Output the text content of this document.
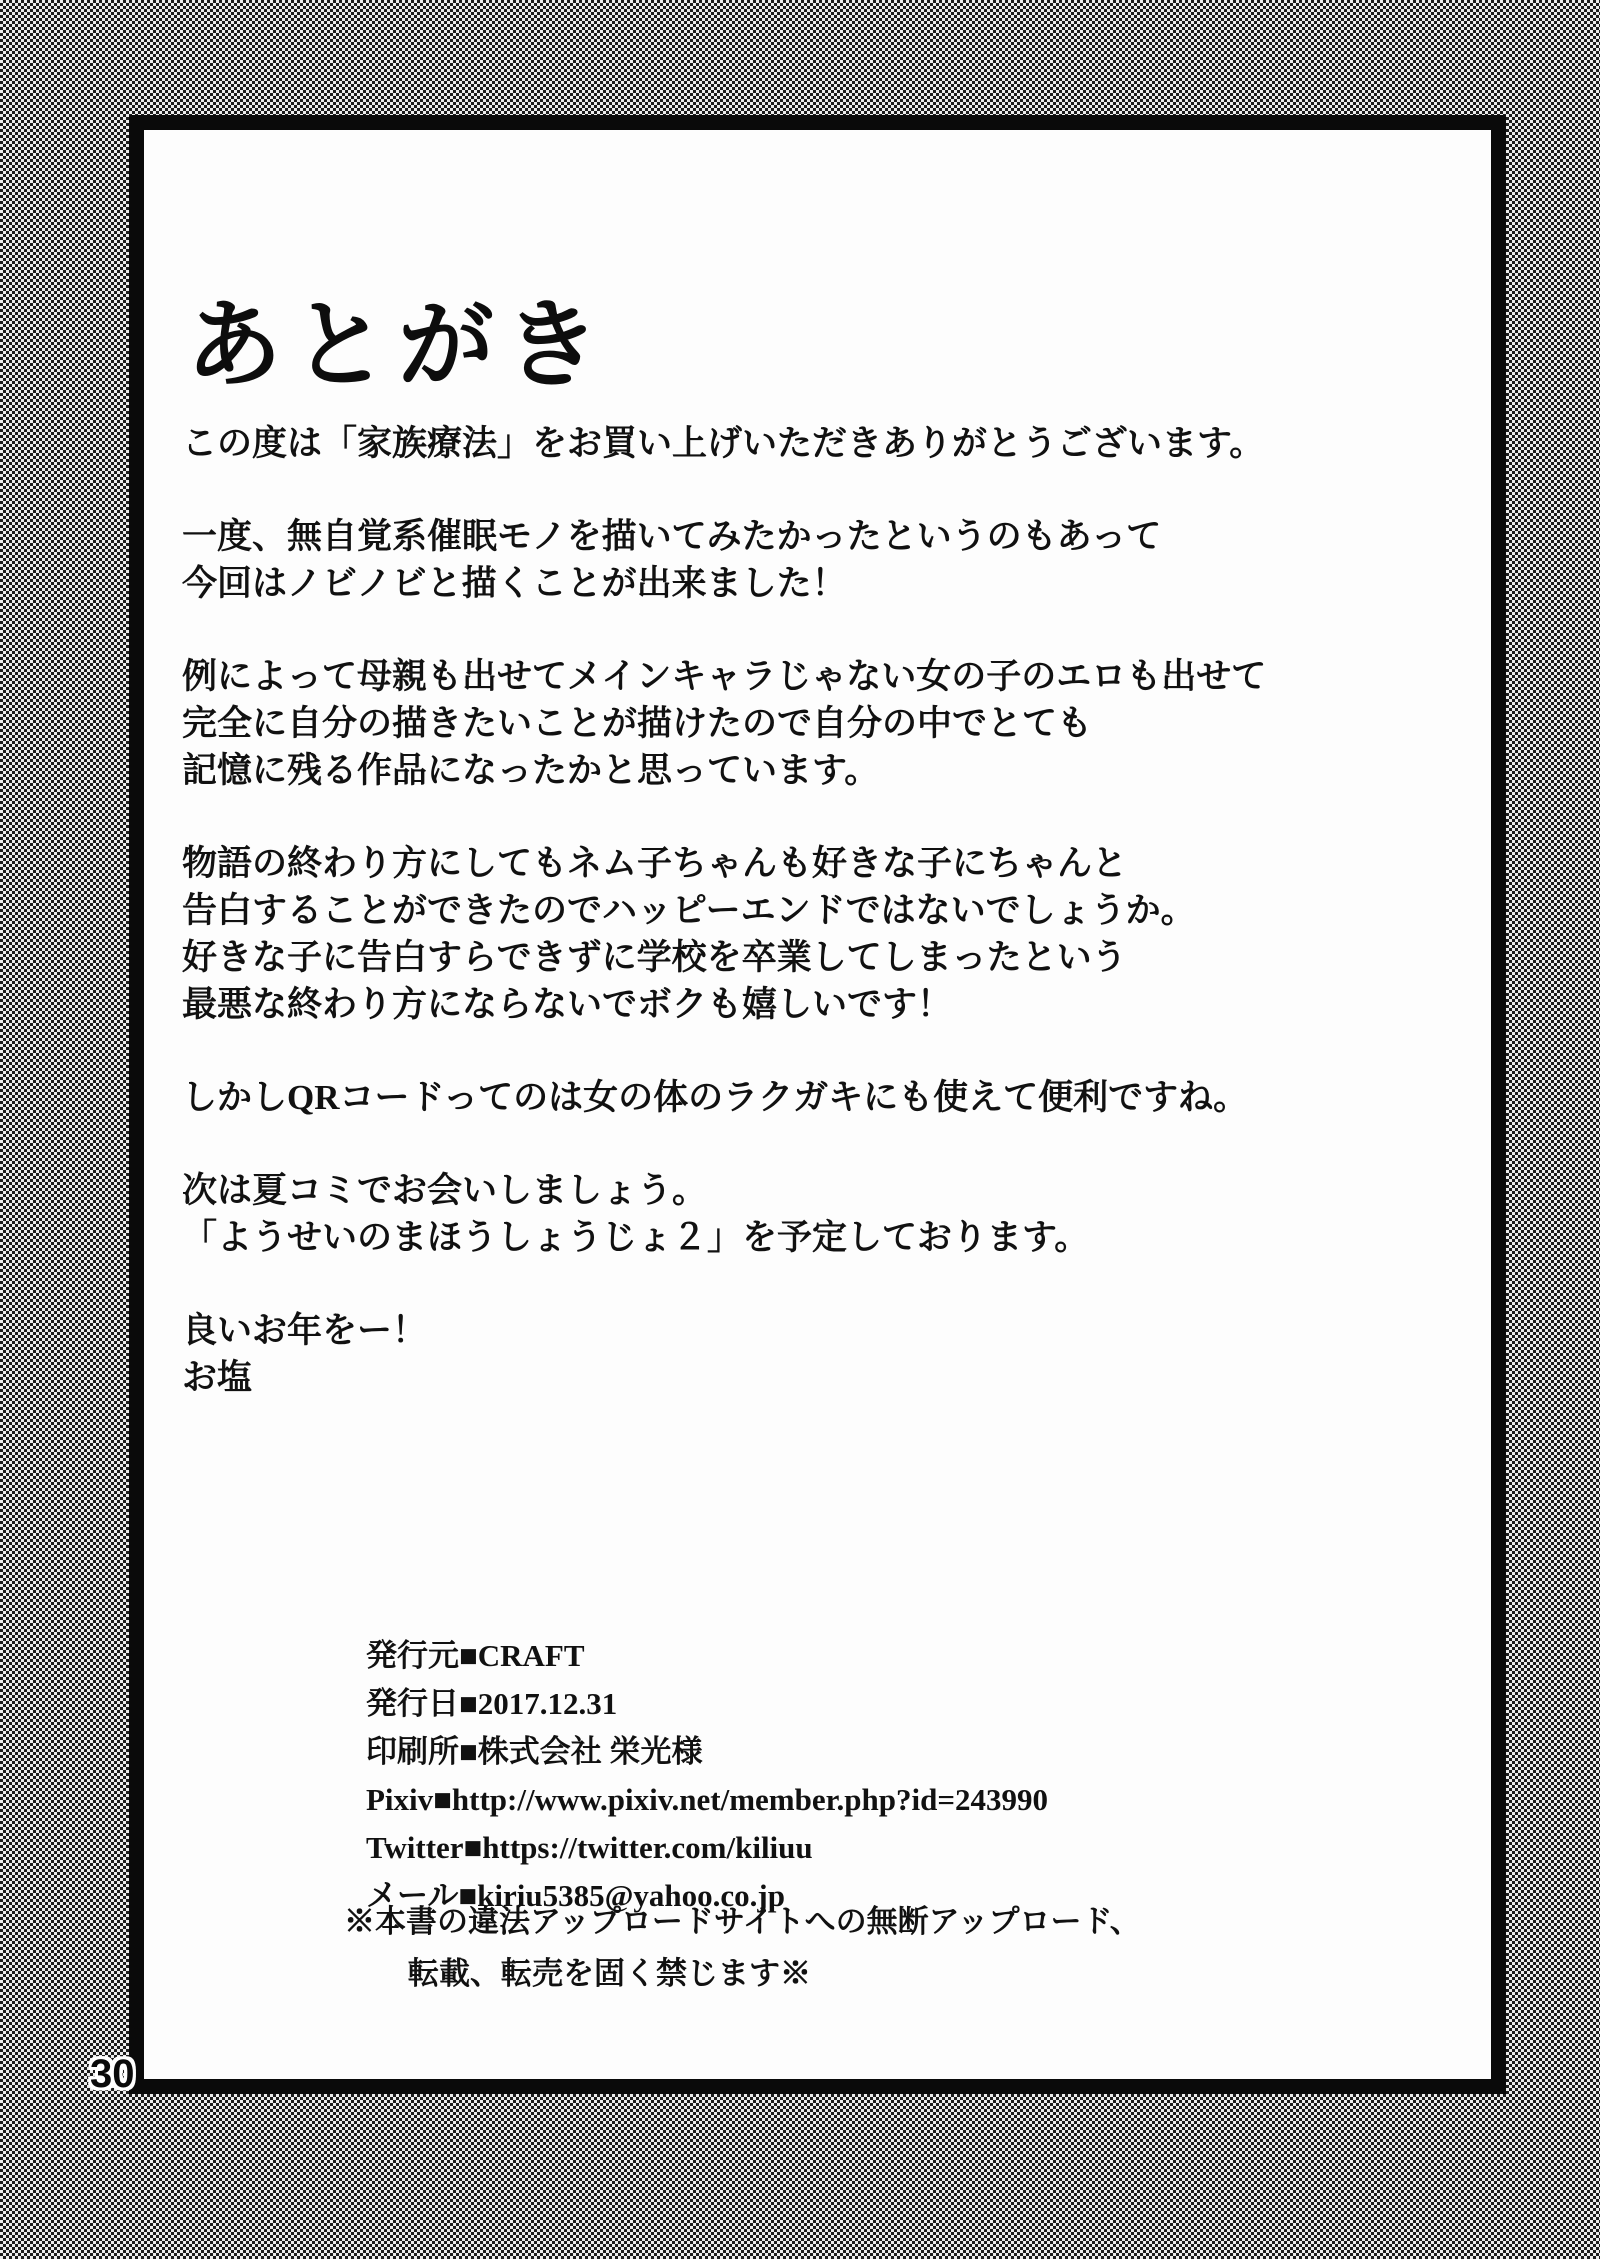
あとがき
この度は「家族療法」をお買い上げいただきありがとうございます。
一度、無自覚系催眠モノを描いてみたかったというのもあって
今回はノビノビと描くことが出来ました！
例によって母親も出せてメインキャラじゃない女の子のエロも出せて
完全に自分の描きたいことが描けたので自分の中でとても
記憶に残る作品になったかと思っています。
物語の終わり方にしてもネム子ちゃんも好きな子にちゃんと
告白することができたのでハッピーエンドではないでしょうか。
好きな子に告白すらできずに学校を卒業してしまったという
最悪な終わり方にならないでボクも嬉しいです！
しかしQRコードってのは女の体のラクガキにも使えて便利ですね。
次は夏コミでお会いしましょう。
「ようせいのまほうしょうじょ２」を予定しております。
良いお年をー！
お塩
発行元■CRAFT
発行日■2017.12.31
印刷所■株式会社 栄光様
Pixiv■http://www.pixiv.net/member.php?id=243990
Twitter■https://twitter.com/kiliuu
メール■kiriu5385@yahoo.co.jp
※本書の違法アップロードサイトへの無断アップロード、
転載、転売を固く禁じます※
30
